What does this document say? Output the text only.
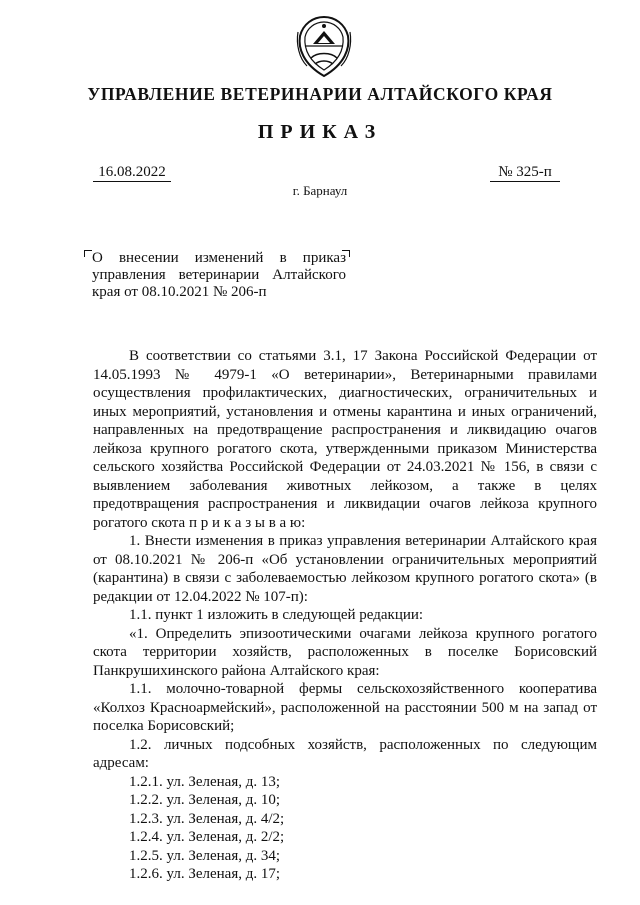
УПРАВЛЕНИЕ ВЕТЕРИНАРИИ АЛТАЙСКОГО КРАЯ
ПРИКАЗ
16.08.2022	№ 325-п
г. Барнаул

О внесении изменений в приказ

управления ветеринарии Алтайского

края от 08.10.2021 № 206-п

В соответствии со статьями 3.1, 17 Закона Российской Федерации от 14.05.1993 № 4979-1 «О ветеринарии», Ветеринарными правилами осуществления профилактических, диагностических, ограничительных и иных мероприятий, установления и отмены карантина и иных ограничений, направленных на предотвращение распространения и ликвидацию очагов лейкоза крупного рогатого скота, утвержденными приказом Министерства сельского хозяйства Российской Федерации от 24.03.2021 № 156, в связи с выявлением заболевания животных лейкозом, а также в целях предотвращения распространения и ликвидации очагов лейкоза крупного рогатого скота п р и к а з ы в а ю:

1. Внести изменения в приказ управления ветеринарии Алтайского края от 08.10.2021 № 206-п «Об установлении ограничительных мероприятий (карантина) в связи с заболеваемостью лейкозом крупного рогатого скота» (в редакции от 12.04.2022 № 107-п):

1.1. пункт 1 изложить в следующей редакции:

«1. Определить эпизоотическими очагами лейкоза крупного рогатого скота территории хозяйств, расположенных в поселке Борисовский Панкрушихинского района Алтайского края:

1.1. молочно-товарной фермы сельскохозяйственного кооператива «Колхоз Красноармейский», расположенной на расстоянии 500 м на запад от поселка Борисовский;

1.2. личных подсобных хозяйств, расположенных по следующим адресам:

1.2.1. ул. Зеленая, д. 13;

1.2.2. ул. Зеленая, д. 10;

1.2.3. ул. Зеленая, д. 4/2;

1.2.4. ул. Зеленая, д. 2/2;

1.2.5. ул. Зеленая, д. 34;

1.2.6. ул. Зеленая, д. 17;
